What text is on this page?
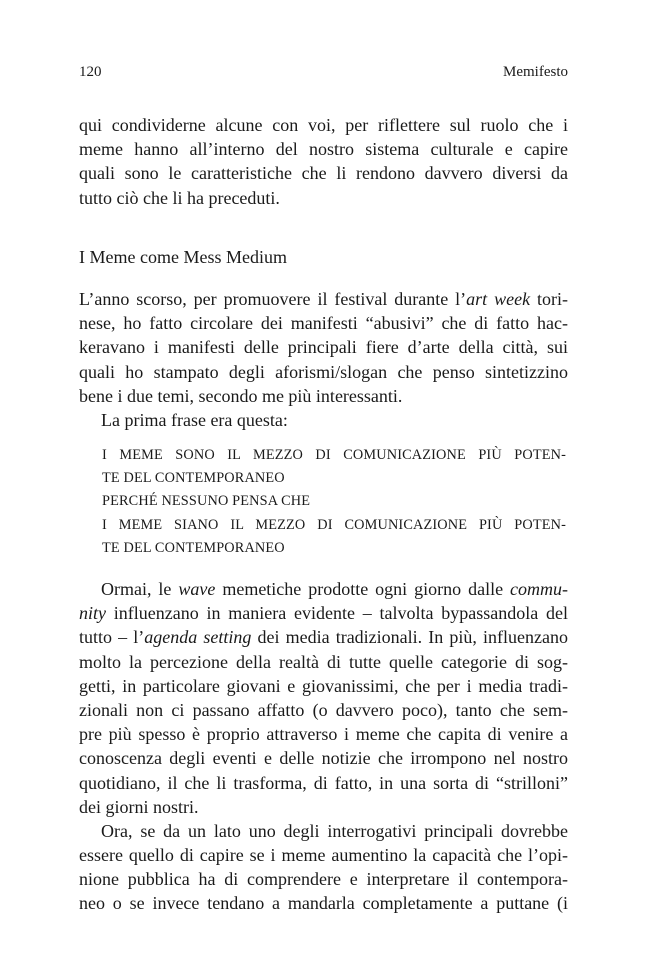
120	Memifesto
qui condividerne alcune con voi, per riflettere sul ruolo che i
meme hanno all’interno del nostro sistema culturale e capire
quali sono le caratteristiche che li rendono davvero diversi da
tutto ciò che li ha preceduti.
I Meme come Mess Medium
L’anno scorso, per promuovere il festival durante l’art week tori-
nese, ho fatto circolare dei manifesti “abusivi” che di fatto hac-
keravano i manifesti delle principali fiere d’arte della città, sui
quali ho stampato degli aforismi/slogan che penso sintetizzino
bene i due temi, secondo me più interessanti.
La prima frase era questa:
I MEME SONO IL MEZZO DI COMUNICAZIONE PIÙ POTEN-
TE DEL CONTEMPORANEO
PERCHÉ NESSUNO PENSA CHE
I MEME SIANO IL MEZZO DI COMUNICAZIONE PIÙ POTEN-
TE DEL CONTEMPORANEO
Ormai, le wave memetiche prodotte ogni giorno dalle commu-
nity influenzano in maniera evidente – talvolta bypassandola del
tutto – l’agenda setting dei media tradizionali. In più, influenzano
molto la percezione della realtà di tutte quelle categorie di sog-
getti, in particolare giovani e giovanissimi, che per i media tradi-
zionali non ci passano affatto (o davvero poco), tanto che sem-
pre più spesso è proprio attraverso i meme che capita di venire a
conoscenza degli eventi e delle notizie che irrompono nel nostro
quotidiano, il che li trasforma, di fatto, in una sorta di “strilloni”
dei giorni nostri.
Ora, se da un lato uno degli interrogativi principali dovrebbe
essere quello di capire se i meme aumentino la capacità che l’opi-
nione pubblica ha di comprendere e interpretare il contempora-
neo o se invece tendano a mandarla completamente a puttane (i
